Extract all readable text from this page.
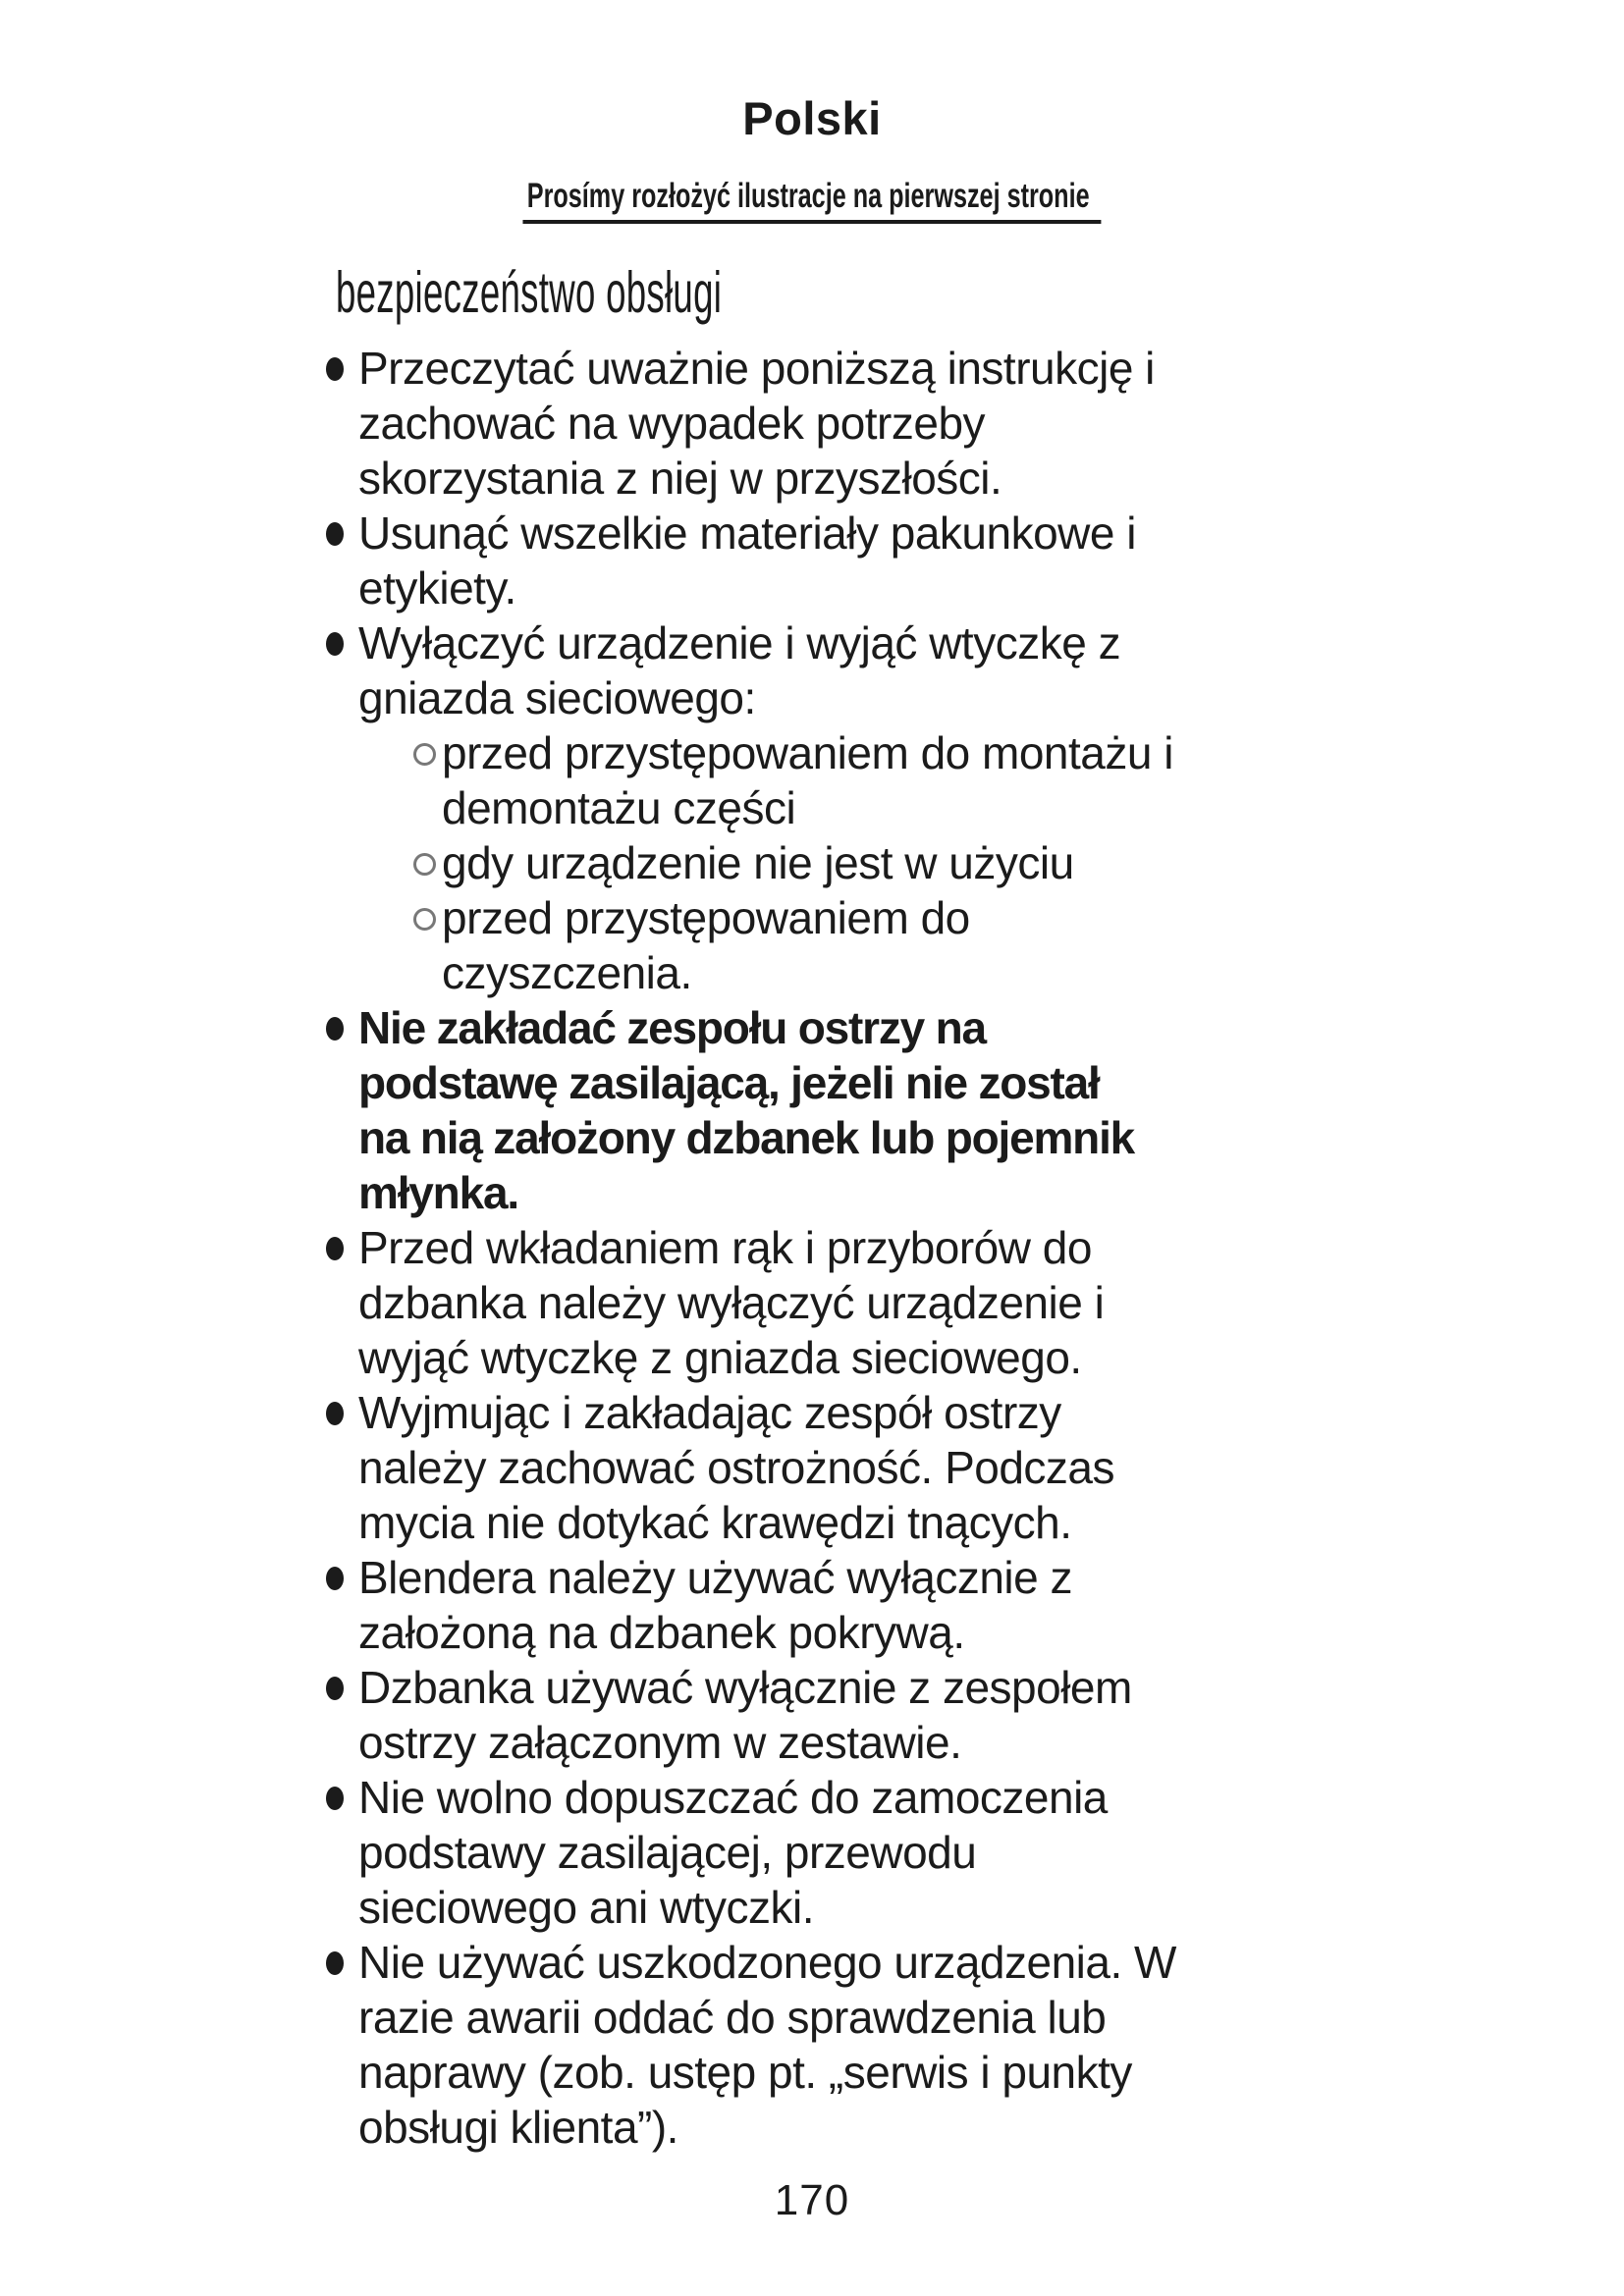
Polski
Prosímy rozłożyć ilustracje na pierwszej stronie
bezpieczeństwo obsługi
Przeczytać uważnie poniższą instrukcję i
zachować na wypadek potrzeby
skorzystania z niej w przyszłości.
Usunąć wszelkie materiały pakunkowe i
etykiety.
Wyłączyć urządzenie i wyjąć wtyczkę z
gniazda sieciowego:
przed przystępowaniem do montażu i
demontażu części
gdy urządzenie nie jest w użyciu
przed przystępowaniem do
czyszczenia.
Nie zakładać zespołu ostrzy na
podstawę zasilającą, jeżeli nie został
na nią założony dzbanek lub pojemnik
młynka.
Przed wkładaniem rąk i przyborów do
dzbanka należy wyłączyć urządzenie i
wyjąć wtyczkę z gniazda sieciowego.
Wyjmując i zakładając zespół ostrzy
należy zachować ostrożność. Podczas
mycia nie dotykać krawędzi tnących.
Blendera należy używać wyłącznie z
założoną na dzbanek pokrywą.
Dzbanka używać wyłącznie z zespołem
ostrzy załączonym w zestawie.
Nie wolno dopuszczać do zamoczenia
podstawy zasilającej, przewodu
sieciowego ani wtyczki.
Nie używać uszkodzonego urządzenia. W
razie awarii oddać do sprawdzenia lub
naprawy (zob. ustęp pt. „serwis i punkty
obsługi klienta”).
170
